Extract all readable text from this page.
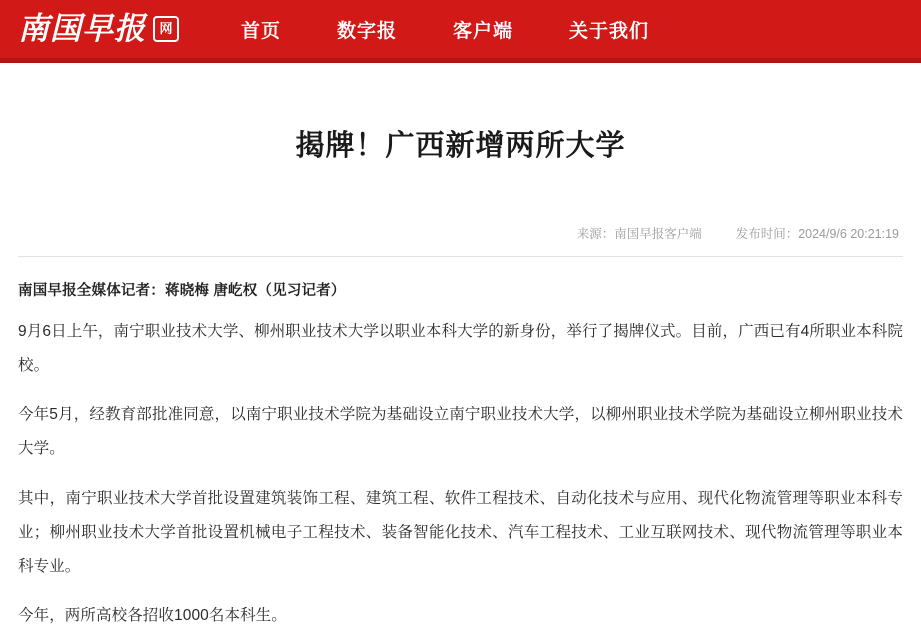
南国早报	网	首页	数字报	客户端	关于我们
揭牌！广西新增两所大学
来源：南国早报客户端	发布时间：2024/9/6 20:21:19

南国早报全媒体记者：蒋晓梅 唐屹权（见习记者）

9月6日上午，南宁职业技术大学、柳州职业技术大学以职业本科大学的新身份，举行了揭牌仪式。目前，广西已有4所职业本科院校。

今年5月，经教育部批准同意，以南宁职业技术学院为基础设立南宁职业技术大学，以柳州职业技术学院为基础设立柳州职业技术大学。

其中，南宁职业技术大学首批设置建筑装饰工程、建筑工程、软件工程技术、自动化技术与应用、现代化物流管理等职业本科专业；柳州职业技术大学首批设置机械电子工程技术、装备智能化技术、汽车工程技术、工业互联网技术、现代物流管理等职业本科专业。

今年，两所高校各招收1000名本科生。
